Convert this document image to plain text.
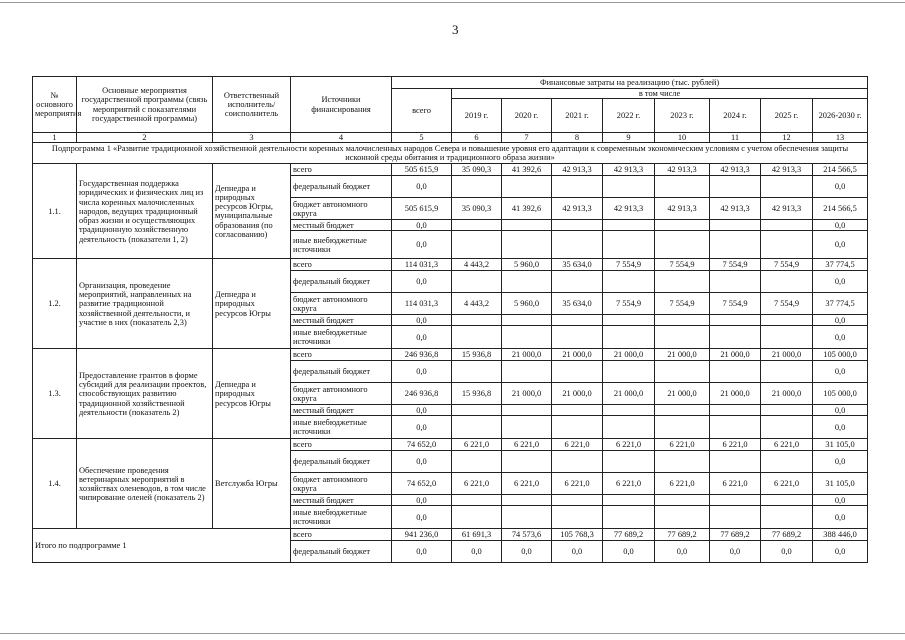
3
№ основного мероприятия	Основные мероприятия государственной программы (связь мероприятий с показателями государственной программы)	Ответственный исполнитель/соисполнитель	Источники финансирования	Финансовые затраты на реализацию (тыс. рублей)								
				всего	в том числе							
					2019 г.	2020 г.	2021 г.	2022 г.	2023 г.	2024 г.	2025 г.	2026-2030 г.
1	2	3	4	5	6	7	8	9	10	11	12	13
Подпрограмма 1 «Развитие традиционной хозяйственной деятельности коренных малочисленных народов Севера и повышение уровня его адаптации к современным экономическим условиям с учетом обеспечения защиты исконной среды обитания и традиционного образа жизни»												
1.1.	Государственная поддержка юридических и физических лиц из числа коренных малочисленных народов, ведущих традиционный образ жизни и осуществляющих традиционную хозяйственную деятельность (показатели 1, 2)	Депнедра и природных ресурсов Югры, муниципальные образования (по согласованию)	всего	505 615,9	35 090,3	41 392,6	42 913,3	42 913,3	42 913,3	42 913,3	42 913,3	214 566,5
			федеральный бюджет	0,0								0,0
			бюджет автономного округа	505 615,9	35 090,3	41 392,6	42 913,3	42 913,3	42 913,3	42 913,3	42 913,3	214 566,5
			местный бюджет	0,0								0,0
			иные внебюджетные источники	0,0								0,0
1.2.	Организация, проведение мероприятий, направленных на развитие традиционной хозяйственной деятельности, и участие в них (показатель 2,3)	Депнедра и природных ресурсов Югры	всего	114 031,3	4 443,2	5 960,0	35 634,0	7 554,9	7 554,9	7 554,9	7 554,9	37 774,5
			федеральный бюджет	0,0								0,0
			бюджет автономного округа	114 031,3	4 443,2	5 960,0	35 634,0	7 554,9	7 554,9	7 554,9	7 554,9	37 774,5
			местный бюджет	0,0								0,0
			иные внебюджетные источники	0,0								0,0
1.3.	Предоставление грантов в форме субсидий для реализации проектов, способствующих развитию традиционной хозяйственной деятельности (показатель 2)	Депнедра и природных ресурсов Югры	всего	246 936,8	15 936,8	21 000,0	21 000,0	21 000,0	21 000,0	21 000,0	21 000,0	105 000,0
			федеральный бюджет	0,0								0,0
			бюджет автономного округа	246 936,8	15 936,8	21 000,0	21 000,0	21 000,0	21 000,0	21 000,0	21 000,0	105 000,0
			местный бюджет	0,0								0,0
			иные внебюджетные источники	0,0								0,0
1.4.	Обеспечение проведения ветеринарных мероприятий в хозяйствах оленеводов, в том числе чипирование оленей (показатель 2)	Ветслужба Югры	всего	74 652,0	6 221,0	6 221,0	6 221,0	6 221,0	6 221,0	6 221,0	6 221,0	31 105,0
			федеральный бюджет	0,0								0,0
			бюджет автономного округа	74 652,0	6 221,0	6 221,0	6 221,0	6 221,0	6 221,0	6 221,0	6 221,0	31 105,0
			местный бюджет	0,0								0,0
			иные внебюджетные источники	0,0								0,0
Итого по подпрограмме 1			всего	941 236,0	61 691,3	74 573,6	105 768,3	77 689,2	77 689,2	77 689,2	77 689,2	388 446,0
			федеральный бюджет	0,0	0,0	0,0	0,0	0,0	0,0	0,0	0,0	0,0
